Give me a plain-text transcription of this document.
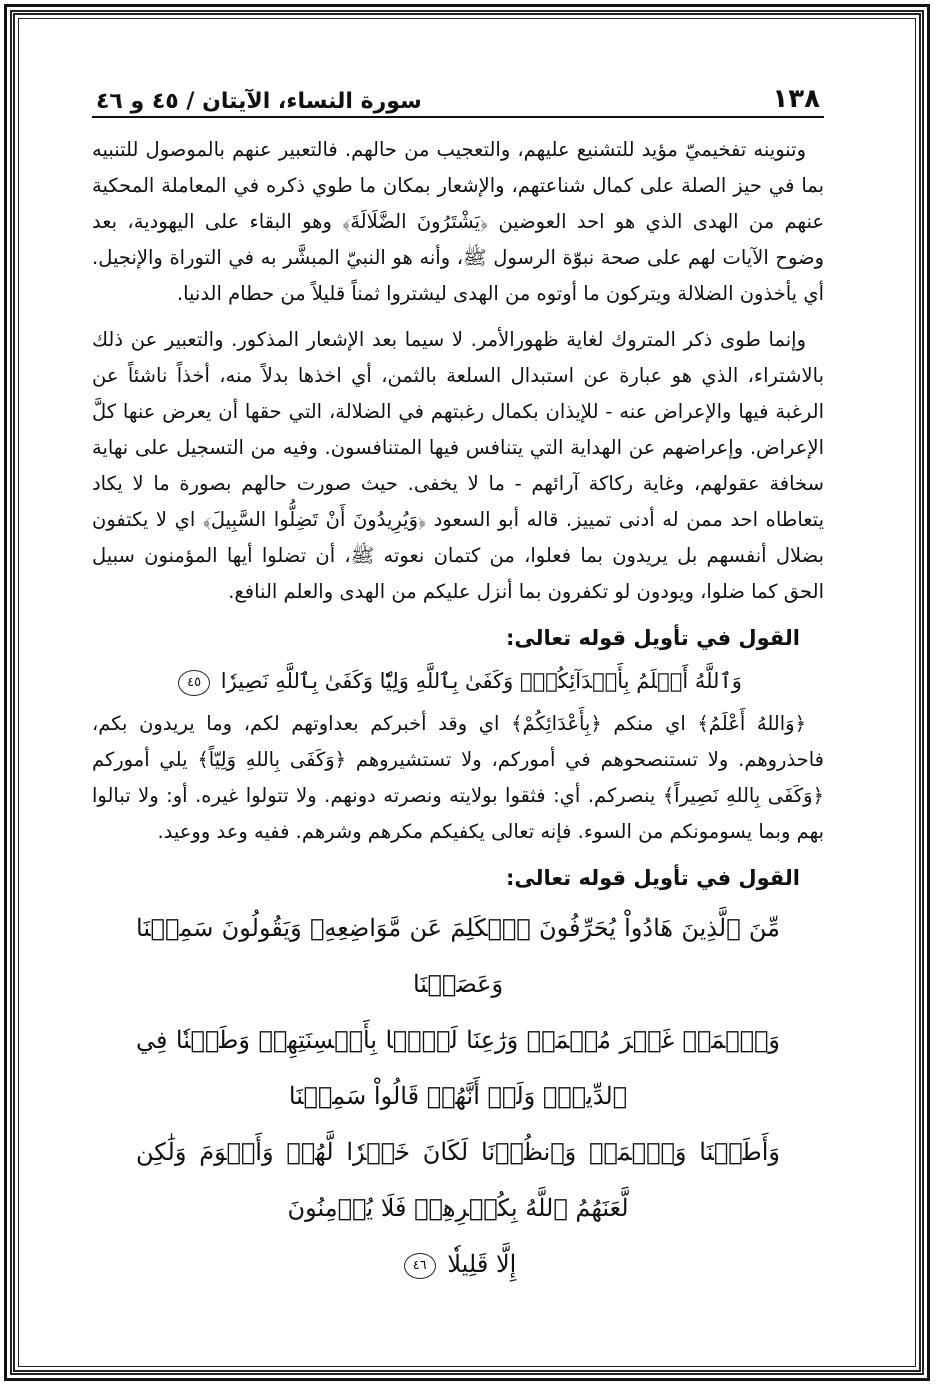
١٣٨
سورة النساء، الآيتان / ٤٥ و ٤٦

وتنوينه تفخيميّ مؤيد للتشنيع عليهم، والتعجيب من حالهم. فالتعبير عنهم بالموصول للتنبيه بما في حيز الصلة على كمال شناعتهم، والإشعار بمكان ما طوي ذكره في المعاملة المحكية عنهم من الهدى الذي هو احد العوضين ﴿يَشْتَرُونَ الضَّلَالَةَ﴾ وهو البقاء على اليهودية، بعد وضوح الآيات لهم على صحة نبوّة الرسول ﷺ، وأنه هو النبيّ المبشَّر به في التوراة والإنجيل. أي يأخذون الضلالة ويتركون ما أوتوه من الهدى ليشتروا ثمناً قليلاً من حطام الدنيا.

وإنما طوى ذكر المتروك لغاية ظهورالأمر. لا سيما بعد الإشعار المذكور. والتعبير عن ذلك بالاشتراء، الذي هو عبارة عن استبدال السلعة بالثمن، أي اخذها بدلاً منه، أخذاً ناشئاً عن الرغبة فيها والإعراض عنه - للإيذان بكمال رغبتهم في الضلالة، التي حقها أن يعرض عنها كلَّ الإعراض. وإعراضهم عن الهداية التي يتنافس فيها المتنافسون. وفيه من التسجيل على نهاية سخافة عقولهم، وغاية ركاكة آرائهم - ما لا يخفى. حيث صورت حالهم بصورة ما لا يكاد يتعاطاه احد ممن له أدنى تمييز. قاله أبو السعود ﴿وَيُرِيدُونَ أَنْ تَضِلُّوا السَّبِيلَ﴾ اي لا يكتفون بضلال أنفسهم بل يريدون بما فعلوا، من كتمان نعوته ﷺ، أن تضلوا أيها المؤمنون سبيل الحق كما ضلوا، ويودون لو تكفرون بما أنزل عليكم من الهدى والعلم النافع.

القول في تأويل قوله تعالى:
وَٱللَّهُ أَعۡلَمُ بِأَعۡدَآئِكُمۡۚ وَكَفَىٰ بِٱللَّهِ وَلِيّٗا وَكَفَىٰ بِٱللَّهِ نَصِيرٗا ٤٥

﴿وَاللهُ أَعْلَمُ﴾ اي منكم ﴿بِأَعْدَائِكُمْ﴾ اي وقد أخبركم بعداوتهم لكم، وما يريدون بكم، فاحذروهم. ولا تستنصحوهم في أموركم، ولا تستشيروهم ﴿وَكَفَى بِاللهِ وَلِيّاً﴾ يلي أموركم ﴿وَكَفَى بِاللهِ نَصِيراً﴾ ينصركم. أي: فثقوا بولايته ونصرته دونهم. ولا تتولوا غيره. أو: ولا تبالوا بهم وبما يسومونكم من السوء. فإنه تعالى يكفيكم مكرهم وشرهم. ففيه وعد ووعيد.

القول في تأويل قوله تعالى:
مِّنَ ٱلَّذِينَ هَادُواْ يُحَرِّفُونَ ٱلۡكَلِمَ عَن مَّوَاضِعِهِۦ وَيَقُولُونَ سَمِعۡنَا وَعَصَيۡنَا
وَٱسۡمَعۡ غَيۡرَ مُسۡمَعٖ وَرَٰعِنَا لَيَّۢا بِأَلۡسِنَتِهِمۡ وَطَعۡنٗا فِي ٱلدِّينِۚ وَلَوۡ أَنَّهُمۡ قَالُواْ سَمِعۡنَا
وَأَطَعۡنَا وَٱسۡمَعۡ وَٱنظُرۡنَا لَكَانَ خَيۡرٗا لَّهُمۡ وَأَقۡوَمَ وَلَٰكِن لَّعَنَهُمُ ٱللَّهُ بِكُفۡرِهِمۡ فَلَا يُؤۡمِنُونَ
إِلَّا قَلِيلٗا ٤٦
